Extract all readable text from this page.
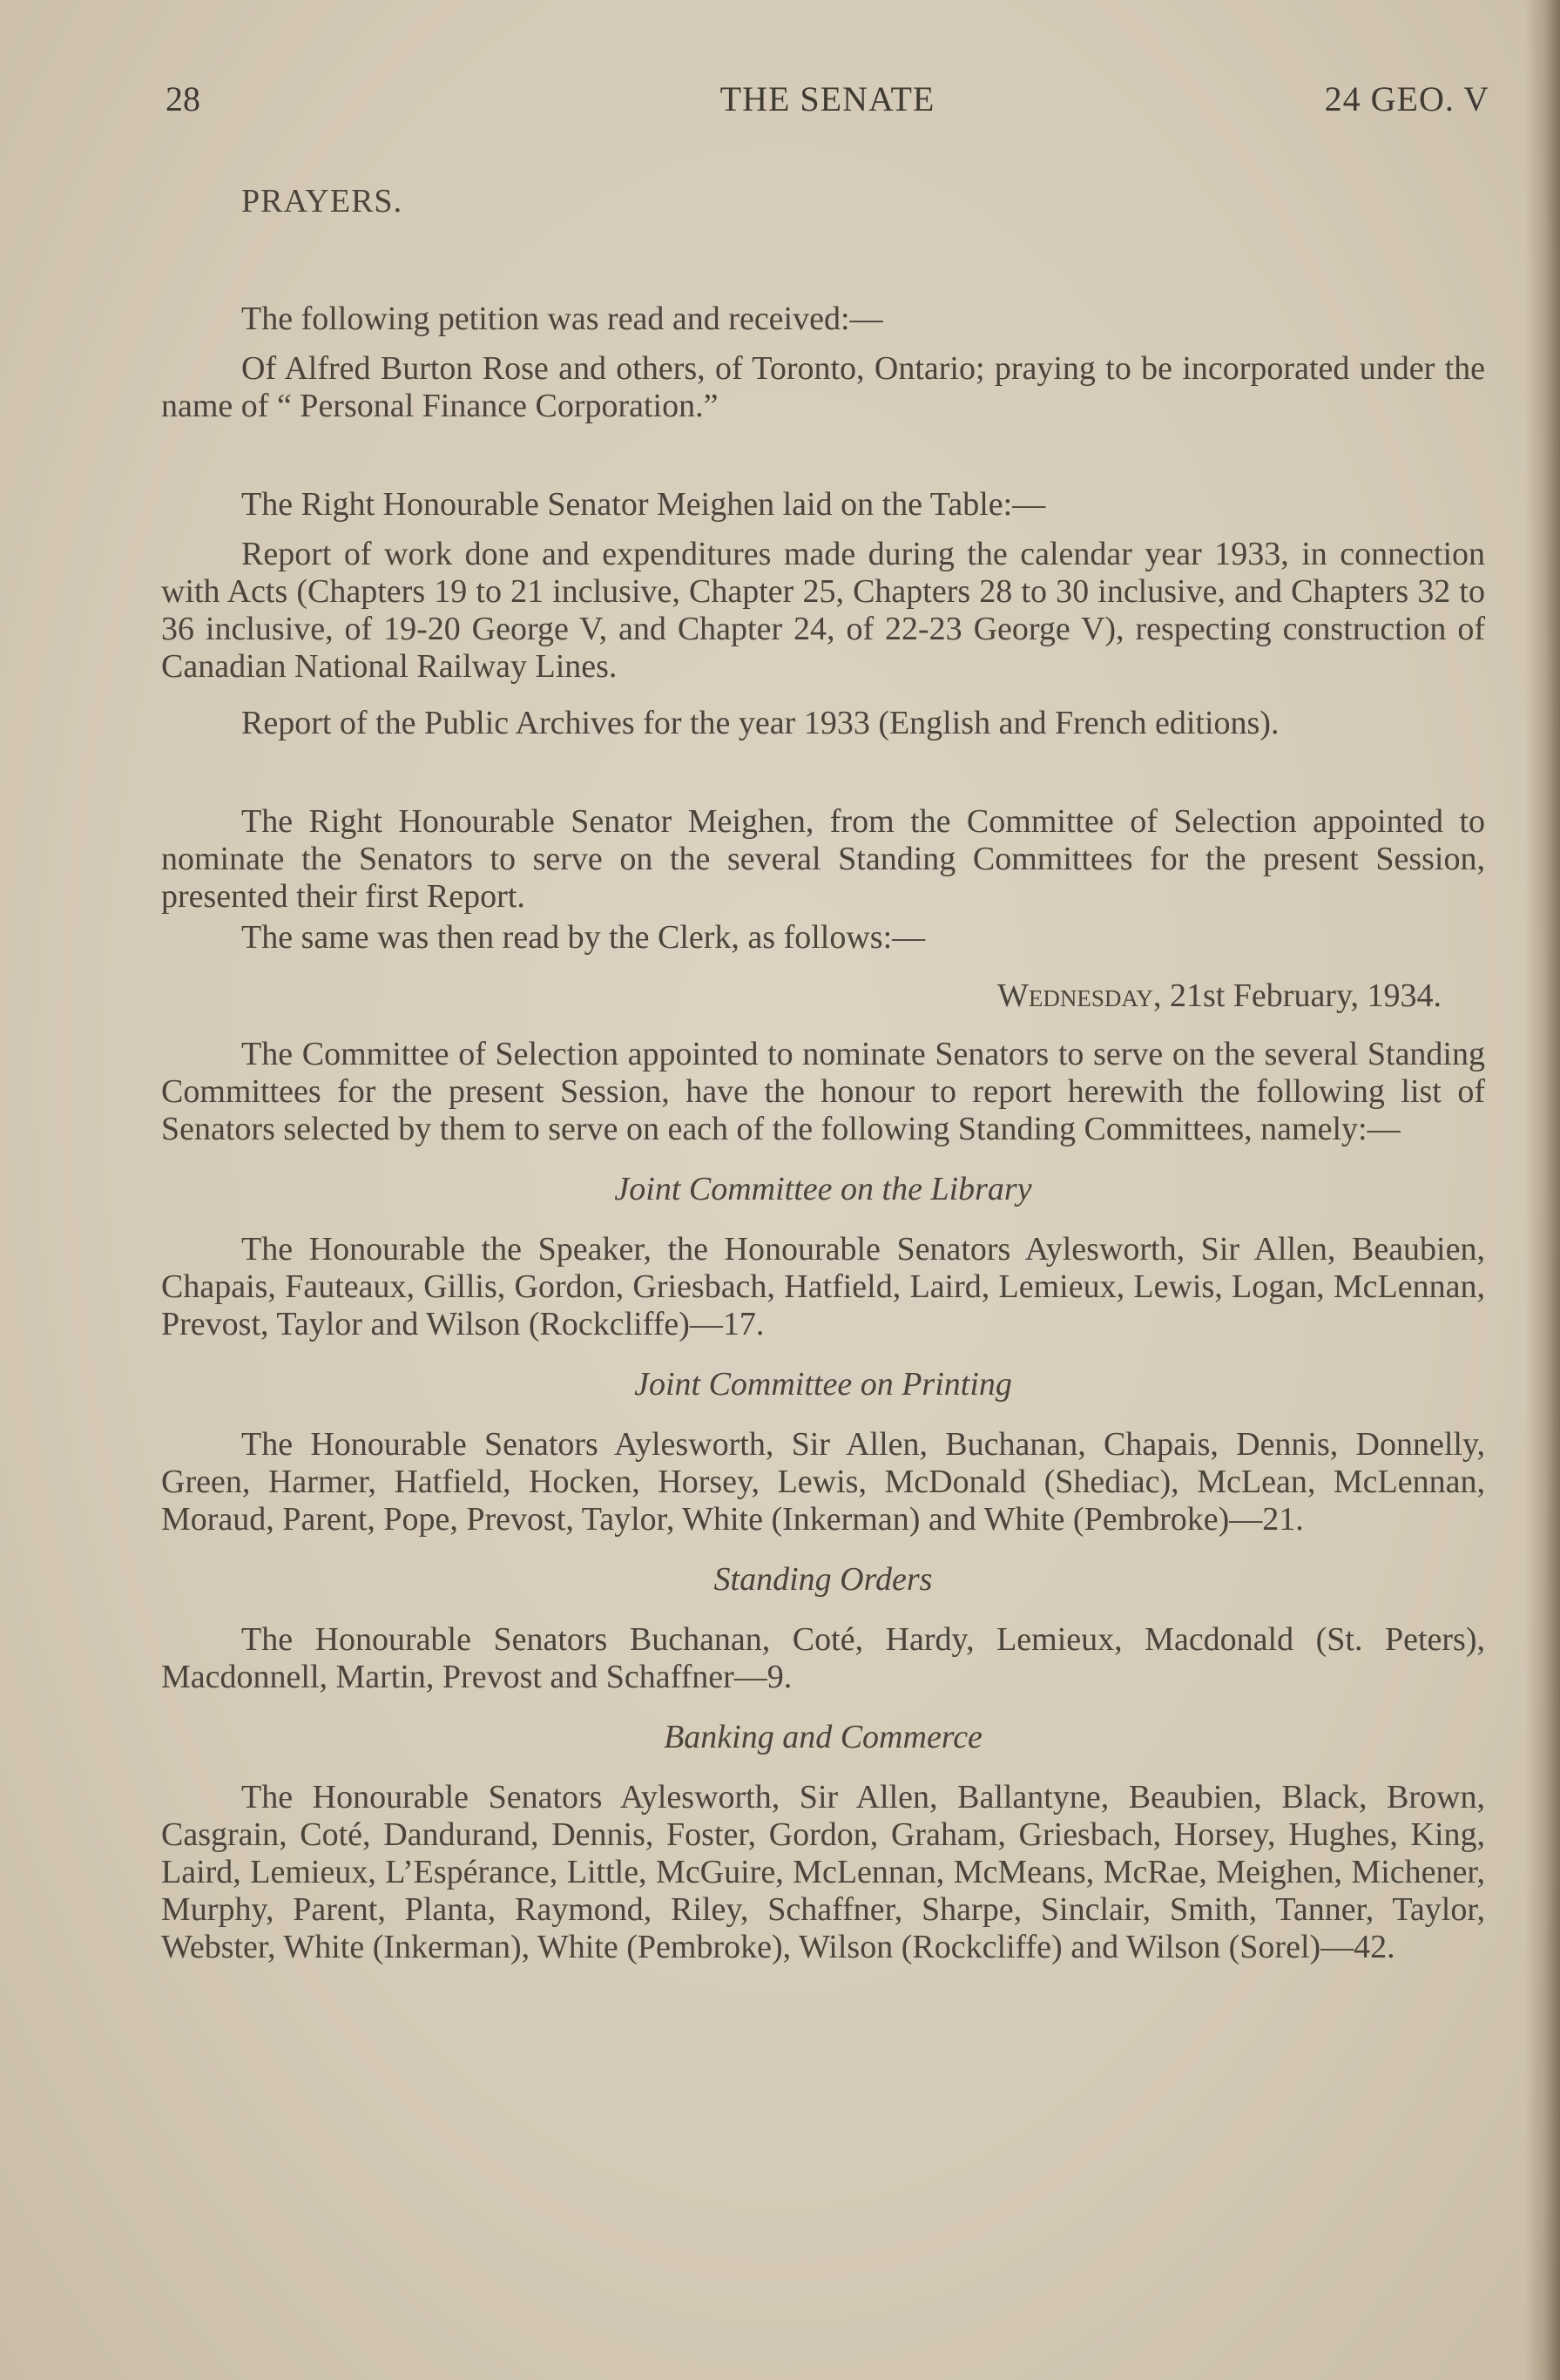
28	THE SENATE	24 GEO. V

PRAYERS.

The following petition was read and received:—

Of Alfred Burton Rose and others, of Toronto, Ontario; praying to be incorporated under the name of “ Personal Finance Corporation.”

The Right Honourable Senator Meighen laid on the Table:—

Report of work done and expenditures made during the calendar year 1933, in connection with Acts (Chapters 19 to 21 inclusive, Chapter 25, Chapters 28 to 30 inclusive, and Chapters 32 to 36 inclusive, of 19-20 George V, and Chapter 24, of 22-23 George V), respecting construction of Canadian National Railway Lines.

Report of the Public Archives for the year 1933 (English and French editions).

The Right Honourable Senator Meighen, from the Committee of Selection appointed to nominate the Senators to serve on the several Standing Committees for the present Session, presented their first Report.

The same was then read by the Clerk, as follows:—

Wednesday, 21st February, 1934.

The Committee of Selection appointed to nominate Senators to serve on the several Standing Committees for the present Session, have the honour to report herewith the following list of Senators selected by them to serve on each of the following Standing Committees, namely:—

Joint Committee on the Library

The Honourable the Speaker, the Honourable Senators Aylesworth, Sir Allen, Beaubien, Chapais, Fauteaux, Gillis, Gordon, Griesbach, Hatfield, Laird, Lemieux, Lewis, Logan, McLennan, Prevost, Taylor and Wilson (Rockcliffe)—17.

Joint Committee on Printing

The Honourable Senators Aylesworth, Sir Allen, Buchanan, Chapais, Dennis, Donnelly, Green, Harmer, Hatfield, Hocken, Horsey, Lewis, McDonald (Shediac), McLean, McLennan, Moraud, Parent, Pope, Prevost, Taylor, White (Inkerman) and White (Pembroke)—21.

Standing Orders

The Honourable Senators Buchanan, Coté, Hardy, Lemieux, Macdonald (St. Peters), Macdonnell, Martin, Prevost and Schaffner—9.

Banking and Commerce

The Honourable Senators Aylesworth, Sir Allen, Ballantyne, Beaubien, Black, Brown, Casgrain, Coté, Dandurand, Dennis, Foster, Gordon, Graham, Griesbach, Horsey, Hughes, King, Laird, Lemieux, L’Espérance, Little, McGuire, McLennan, McMeans, McRae, Meighen, Michener, Murphy, Parent, Planta, Raymond, Riley, Schaffner, Sharpe, Sinclair, Smith, Tanner, Taylor, Webster, White (Inkerman), White (Pembroke), Wilson (Rockcliffe) and Wilson (Sorel)—42.
